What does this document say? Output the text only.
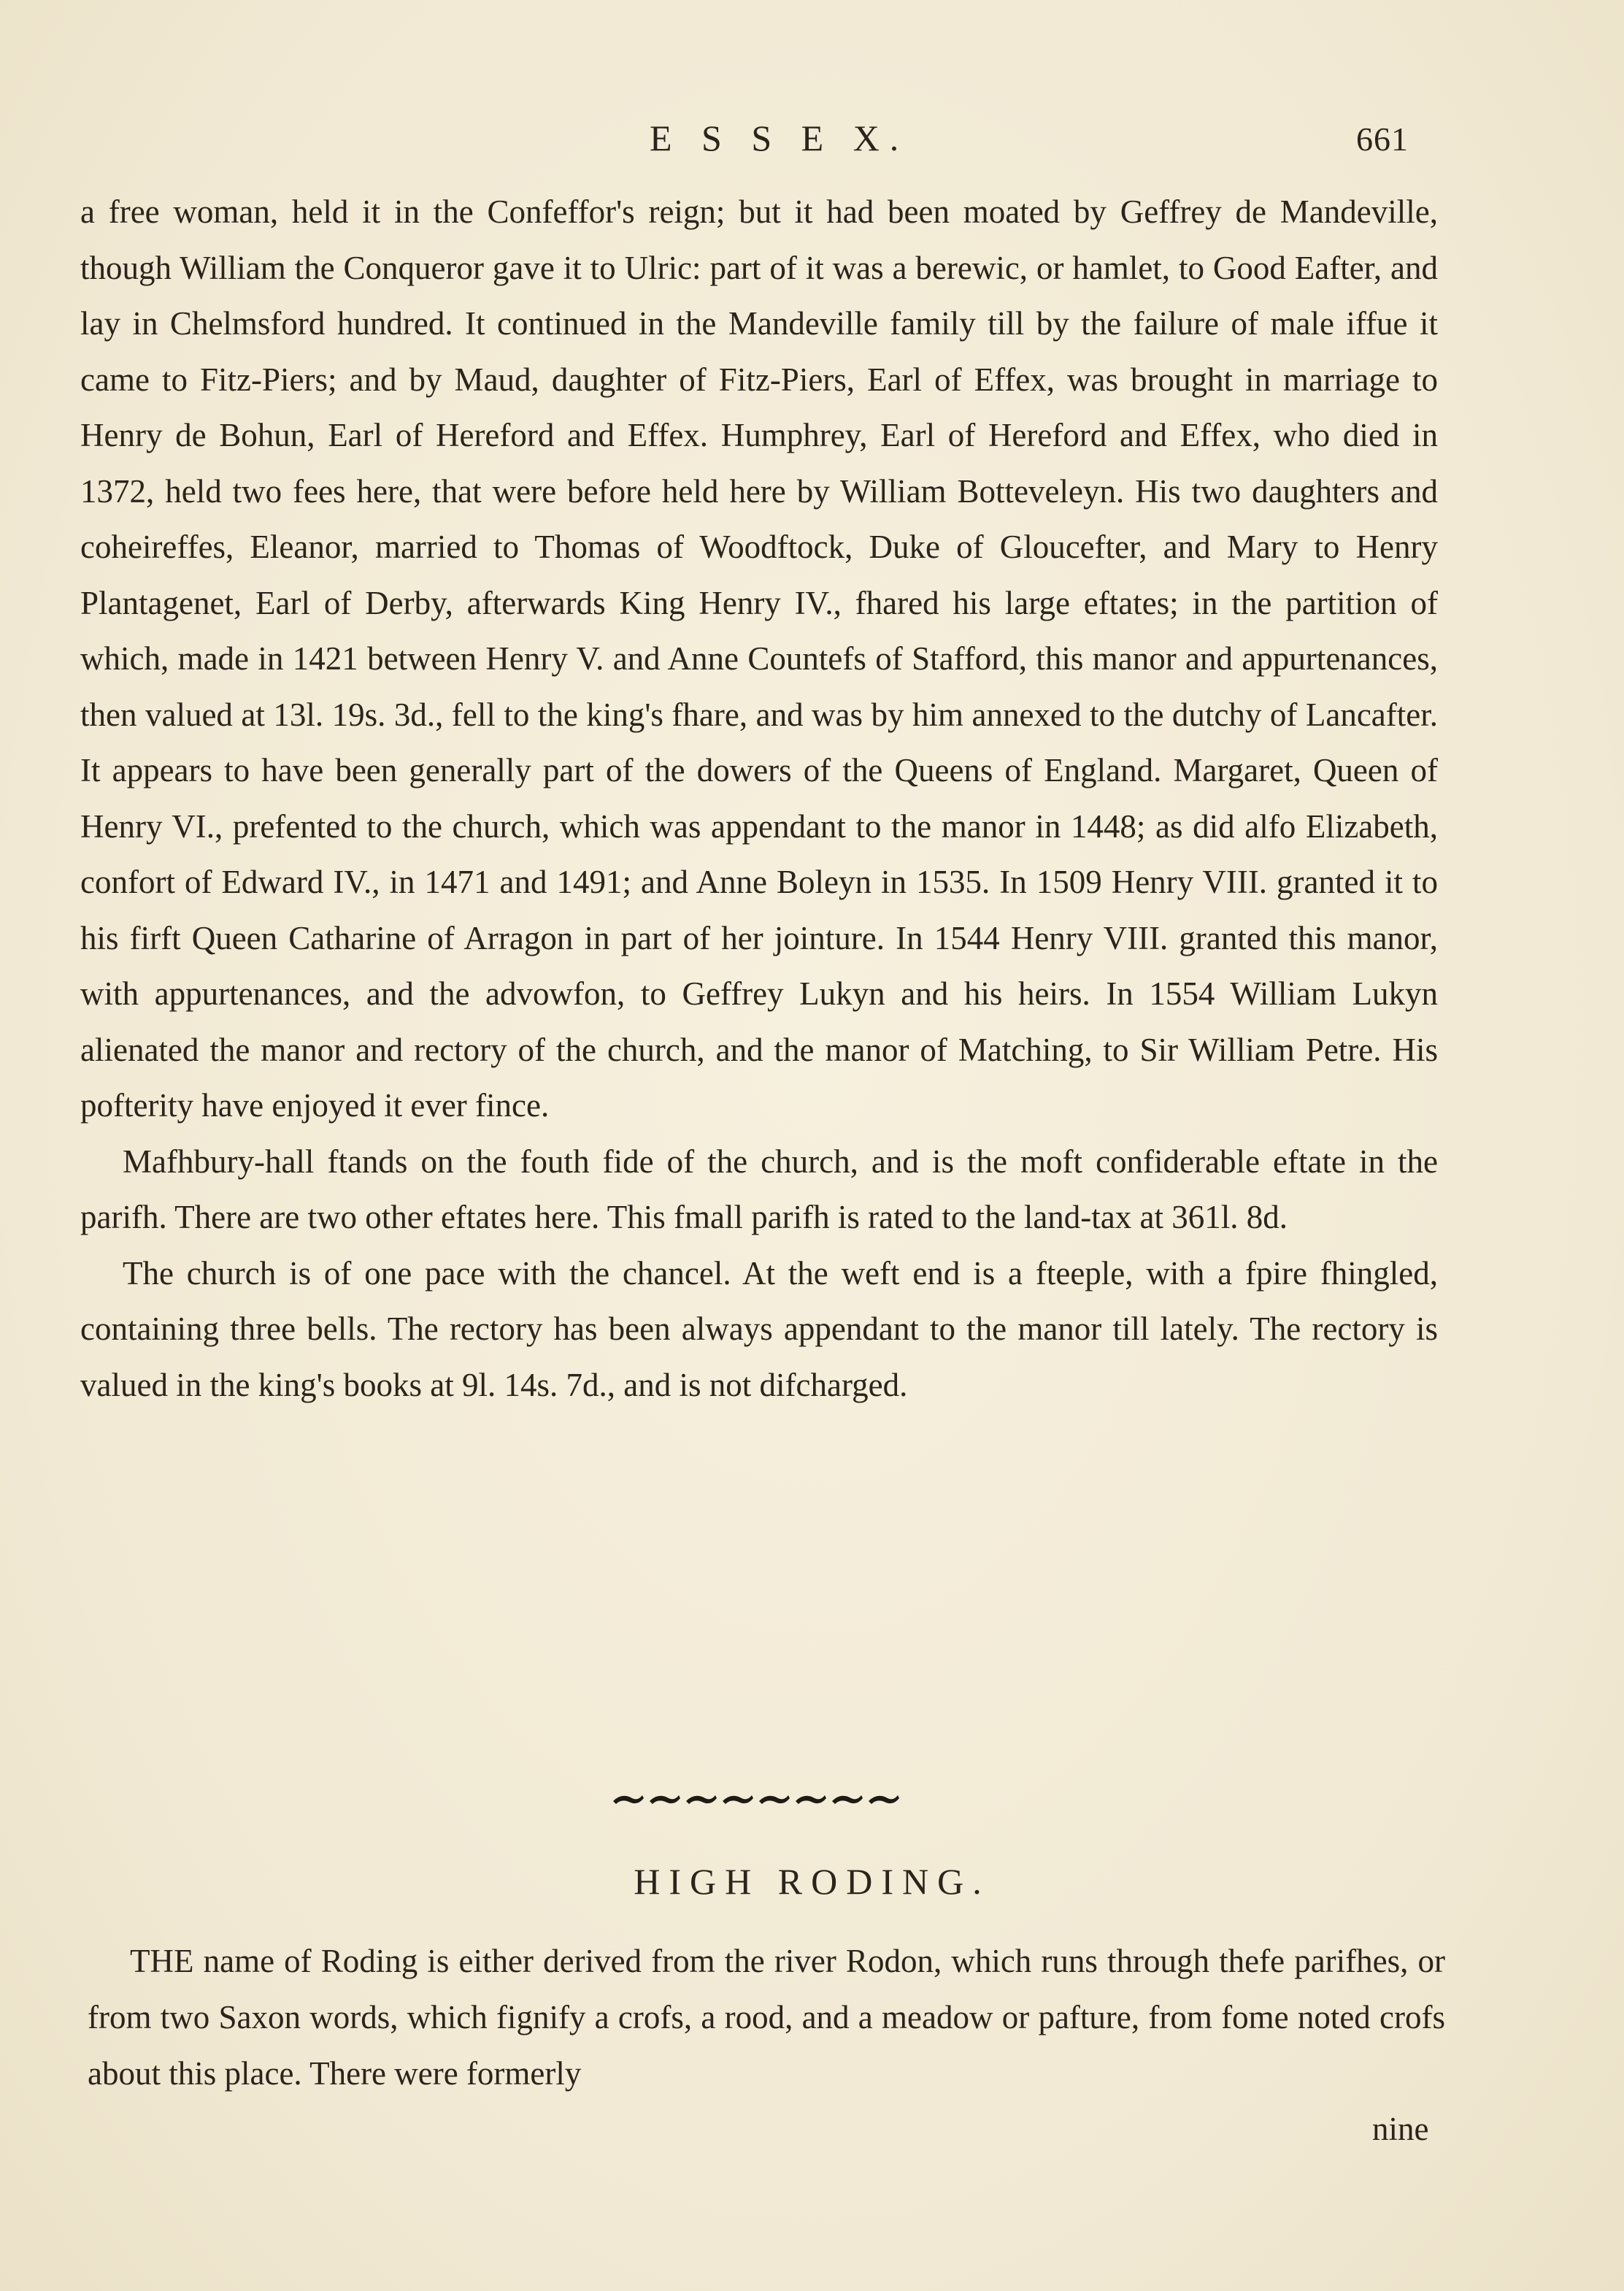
E S S E X.	661

a free woman, held it in the Confeffor's reign; but it had been moated by Geffrey de Mandeville, though William the Conqueror gave it to Ulric: part of it was a berewic, or hamlet, to Good Eafter, and lay in Chelmsford hundred. It continued in the Mandeville family till by the failure of male iffue it came to Fitz-Piers; and by Maud, daughter of Fitz-Piers, Earl of Effex, was brought in marriage to Henry de Bohun, Earl of Hereford and Effex. Humphrey, Earl of Hereford and Effex, who died in 1372, held two fees here, that were before held here by William Botteveleyn. His two daughters and coheireffes, Eleanor, married to Thomas of Woodftock, Duke of Gloucefter, and Mary to Henry Plantagenet, Earl of Derby, afterwards King Henry IV., fhared his large eftates; in the partition of which, made in 1421 between Henry V. and Anne Countefs of Stafford, this manor and appurtenances, then valued at 13l. 19s. 3d., fell to the king's fhare, and was by him annexed to the dutchy of Lancafter. It appears to have been generally part of the dowers of the Queens of England. Margaret, Queen of Henry VI., prefented to the church, which was appendant to the manor in 1448; as did alfo Elizabeth, confort of Edward IV., in 1471 and 1491; and Anne Boleyn in 1535. In 1509 Henry VIII. granted it to his firft Queen Catharine of Arragon in part of her jointure. In 1544 Henry VIII. granted this manor, with appurtenances, and the advowfon, to Geffrey Lukyn and his heirs. In 1554 William Lukyn alienated the manor and rectory of the church, and the manor of Matching, to Sir William Petre. His pofterity have enjoyed it ever fince.

Mafhbury-hall ftands on the fouth fide of the church, and is the moft confiderable eftate in the parifh. There are two other eftates here. This fmall parifh is rated to the land-tax at 361l. 8d.

The church is of one pace with the chancel. At the weft end is a fteeple, with a fpire fhingled, containing three bells. The rectory has been always appendant to the manor till lately. The rectory is valued in the king's books at 9l. 14s. 7d., and is not difcharged.

HIGH RODING.

THE name of Roding is either derived from the river Rodon, which runs through thefe parifhes, or from two Saxon words, which fignify a crofs, a rood, and a meadow or pafture, from fome noted crofs about this place. There were formerly

nine
